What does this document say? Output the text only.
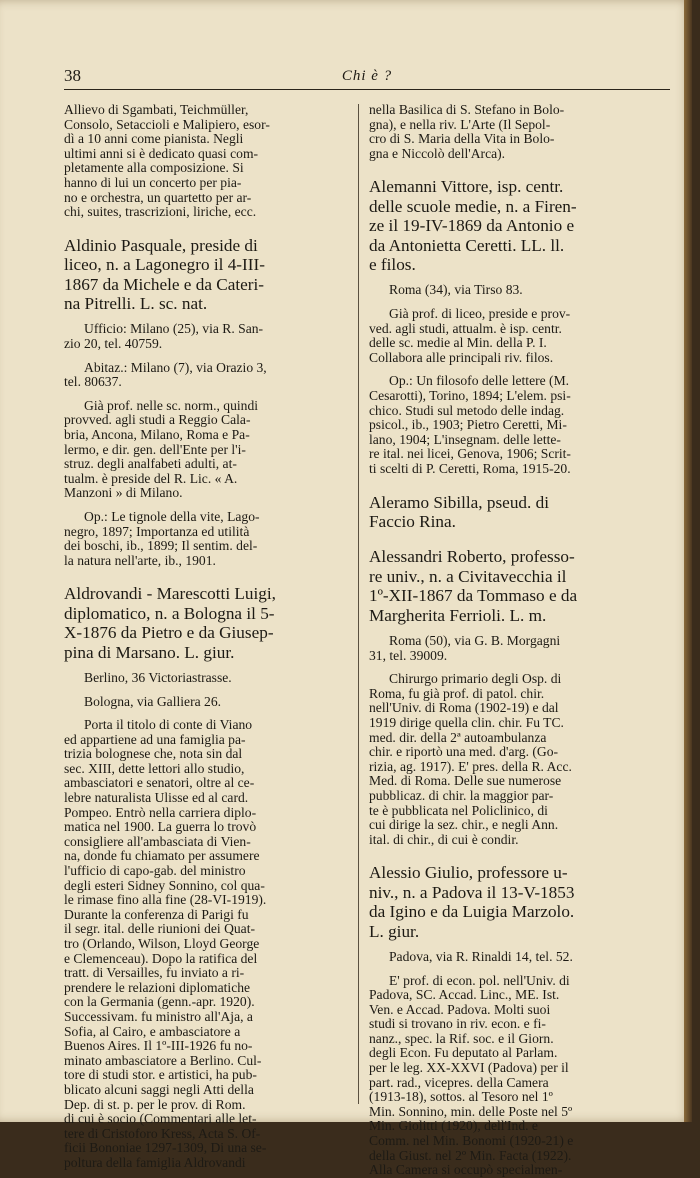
38	Chi è ?
Allievo di Sgambati, Teichmüller,
Consolo, Setaccioli e Malipiero, esor-
dì a 10 anni come pianista. Negli
ultimi anni si è dedicato quasi com-
pletamente alla composizione. Si
hanno di lui un concerto per pia-
no e orchestra, un quartetto per ar-
chi, suites, trascrizioni, liriche, ecc.
Aldinio Pasquale, preside di
liceo, n. a Lagonegro il 4-III-
1867 da Michele e da Cateri-
na Pitrelli. L. sc. nat.
Ufficio: Milano (25), via R. San-
zio 20, tel. 40759.
Abitaz.: Milano (7), via Orazio 3,
tel. 80637.
Già prof. nelle sc. norm., quindi
provved. agli studi a Reggio Cala-
bria, Ancona, Milano, Roma e Pa-
lermo, e dir. gen. dell'Ente per l'i-
struz. degli analfabeti adulti, at-
tualm. è preside del R. Lic. « A.
Manzoni » di Milano.
Op.: Le tignole della vite, Lago-
negro, 1897; Importanza ed utilità
dei boschi, ib., 1899; Il sentim. del-
la natura nell'arte, ib., 1901.
Aldrovandi - Marescotti Luigi,
diplomatico, n. a Bologna il 5-
X-1876 da Pietro e da Giusep-
pina di Marsano. L. giur.
Berlino, 36 Victoriastrasse.
Bologna, via Galliera 26.
Porta il titolo di conte di Viano
ed appartiene ad una famiglia pa-
trizia bolognese che, nota sin dal
sec. XIII, dette lettori allo studio,
ambasciatori e senatori, oltre al ce-
lebre naturalista Ulisse ed al card.
Pompeo. Entrò nella carriera diplo-
matica nel 1900. La guerra lo trovò
consigliere all'ambasciata di Vien-
na, donde fu chiamato per assumere
l'ufficio di capo-gab. del ministro
degli esteri Sidney Sonnino, col qua-
le rimase fino alla fine (28-VI-1919).
Durante la conferenza di Parigi fu
il segr. ital. delle riunioni dei Quat-
tro (Orlando, Wilson, Lloyd George
e Clemenceau). Dopo la ratifica del
tratt. di Versailles, fu inviato a ri-
prendere le relazioni diplomatiche
con la Germania (genn.-apr. 1920).
Successivam. fu ministro all'Aja, a
Sofia, al Cairo, e ambasciatore a
Buenos Aires. Il 1º-III-1926 fu no-
minato ambasciatore a Berlino. Cul-
tore di studi stor. e artistici, ha pub-
blicato alcuni saggi negli Atti della
Dep. di st. p. per le prov. di Rom.
di cui è socio (Commentari alle let-
tere di Cristoforo Kress, Acta S. Of-
ficii Bononiae 1297-1309, Di una se-
poltura della famiglia Aldrovandi
nella Basilica di S. Stefano in Bolo-
gna), e nella riv. L'Arte (Il Sepol-
cro di S. Maria della Vita in Bolo-
gna e Niccolò dell'Arca).
Alemanni Vittore, isp. centr.
delle scuole medie, n. a Firen-
ze il 19-IV-1869 da Antonio e
da Antonietta Ceretti. LL. ll.
e filos.
Roma (34), via Tirso 83.
Già prof. di liceo, preside e prov-
ved. agli studi, attualm. è isp. centr.
delle sc. medie al Min. della P. I.
Collabora alle principali riv. filos.
Op.: Un filosofo delle lettere (M.
Cesarotti), Torino, 1894; L'elem. psi-
chico. Studi sul metodo delle indag.
psicol., ib., 1903; Pietro Ceretti, Mi-
lano, 1904; L'insegnam. delle lette-
re ital. nei licei, Genova, 1906; Scrit-
ti scelti di P. Ceretti, Roma, 1915-20.
Aleramo Sibilla, pseud. di
Faccio Rina.
Alessandri Roberto, professo-
re univ., n. a Civitavecchia il
1º-XII-1867 da Tommaso e da
Margherita Ferrioli. L. m.
Roma (50), via G. B. Morgagni
31, tel. 39009.
Chirurgo primario degli Osp. di
Roma, fu già prof. di patol. chir.
nell'Univ. di Roma (1902-19) e dal
1919 dirige quella clin. chir. Fu TC.
med. dir. della 2ª autoambulanza
chir. e riportò una med. d'arg. (Go-
rizia, ag. 1917). E' pres. della R. Acc.
Med. di Roma. Delle sue numerose
pubblicaz. di chir. la maggior par-
te è pubblicata nel Policlinico, di
cui dirige la sez. chir., e negli Ann.
ital. di chir., di cui è condir.
Alessio Giulio, professore u-
niv., n. a Padova il 13-V-1853
da Igino e da Luigia Marzolo.
L. giur.
Padova, via R. Rinaldi 14, tel. 52.
E' prof. di econ. pol. nell'Univ. di
Padova, SC. Accad. Linc., ME. Ist.
Ven. e Accad. Padova. Molti suoi
studi si trovano in riv. econ. e fi-
nanz., spec. la Rif. soc. e il Giorn.
degli Econ. Fu deputato al Parlam.
per le leg. XX-XXVI (Padova) per il
part. rad., vicepres. della Camera
(1913-18), sottos. al Tesoro nel 1º
Min. Sonnino, min. delle Poste nel 5º
Min. Giolitti (1920), dell'Ind. e
Comm. nel Min. Bonomi (1920-21) e
della Giust. nel 2º Min. Facta (1922).
Alla Camera si occupò specialmen-
